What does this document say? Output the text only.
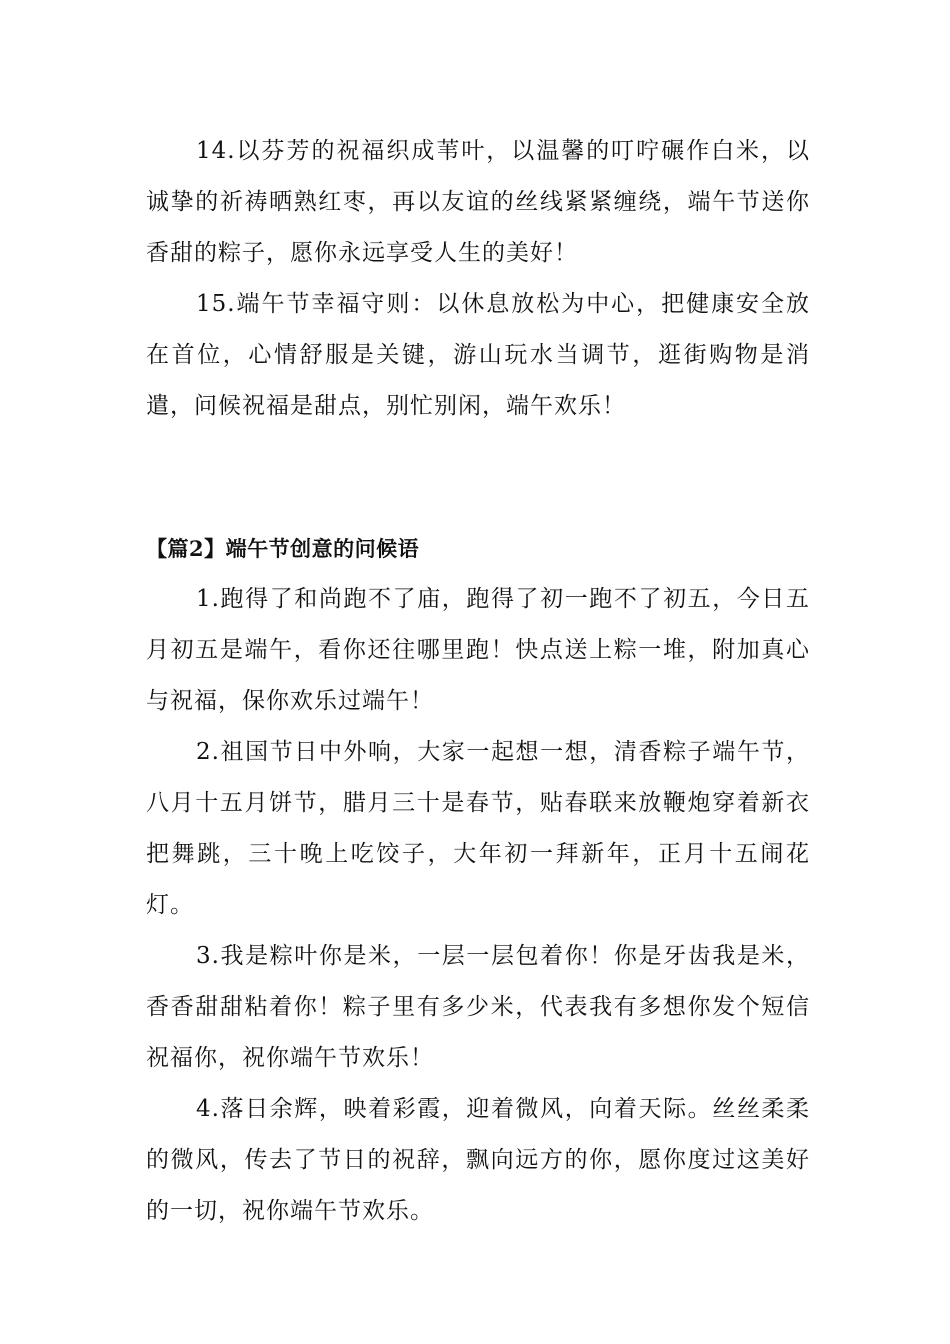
14.以芬芳的祝福织成苇叶，以温馨的叮咛碾作白米，以诚挚的祈祷晒熟红枣，再以友谊的丝线紧紧缠绕，端午节送你香甜的粽子，愿你永远享受人生的美好！

15.端午节幸福守则：以休息放松为中心，把健康安全放在首位，心情舒服是关键，游山玩水当调节，逛街购物是消遣，问候祝福是甜点，别忙别闲，端午欢乐！

【篇2】端午节创意的问候语

1.跑得了和尚跑不了庙，跑得了初一跑不了初五，今日五月初五是端午，看你还往哪里跑！快点送上粽一堆，附加真心与祝福，保你欢乐过端午！

2.祖国节日中外响，大家一起想一想，清香粽子端午节，八月十五月饼节，腊月三十是春节，贴春联来放鞭炮穿着新衣把舞跳，三十晚上吃饺子，大年初一拜新年，正月十五闹花灯。

3.我是粽叶你是米，一层一层包着你！你是牙齿我是米，香香甜甜粘着你！粽子里有多少米，代表我有多想你发个短信祝福你，祝你端午节欢乐！

4.落日余辉，映着彩霞，迎着微风，向着天际。丝丝柔柔的微风，传去了节日的祝辞，飘向远方的你，愿你度过这美好的一切，祝你端午节欢乐。
